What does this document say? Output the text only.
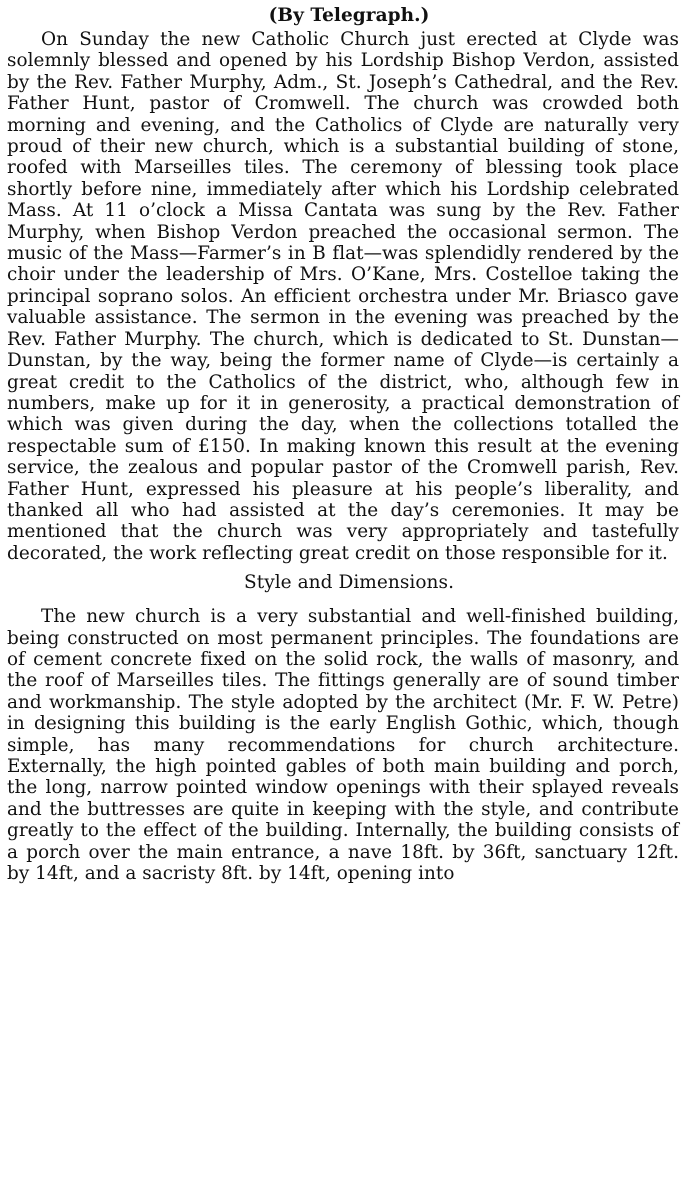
(By Telegraph.)

On Sunday the new Catholic Church just erected at Clyde was solemnly blessed and opened by his Lordship Bishop Verdon, assisted by the Rev. Father Murphy, Adm., St. Joseph’s Cathedral, and the Rev. Father Hunt, pastor of Cromwell. The church was crowded both morning and evening, and the Catholics of Clyde are naturally very proud of their new church, which is a substantial building of stone, roofed with Marseilles tiles. The ceremony of blessing took place shortly before nine, immediately after which his Lordship celebrated Mass. At 11 o’clock a Missa Cantata was sung by the Rev. Father Murphy, when Bishop Verdon preached the occasional sermon. The music of the Mass—Farmer’s in B flat—was splendidly rendered by the choir under the leadership of Mrs. O’Kane, Mrs. Costelloe taking the principal soprano solos. An efficient orchestra under Mr. Briasco gave valuable assistance. The sermon in the evening was preached by the Rev. Father Murphy. The church, which is dedicated to St. Dunstan—Dunstan, by the way, being the former name of Clyde—is certainly a great credit to the Catholics of the district, who, although few in numbers, make up for it in generosity, a practical demonstration of which was given during the day, when the collections totalled the respectable sum of £150. In making known this result at the evening service, the zealous and popular pastor of the Cromwell parish, Rev. Father Hunt, expressed his pleasure at his people’s liberality, and thanked all who had assisted at the day’s ceremonies. It may be mentioned that the church was very appropriately and tastefully decorated, the work reflecting great credit on those responsible for it.

Style and Dimensions.

The new church is a very substantial and well-finished building, being constructed on most permanent principles. The foundations are of cement concrete fixed on the solid rock, the walls of masonry, and the roof of Marseilles tiles. The fittings generally are of sound timber and workmanship. The style adopted by the architect (Mr. F. W. Petre) in designing this building is the early English Gothic, which, though simple, has many recommendations for church architecture. Externally, the high pointed gables of both main building and porch, the long, narrow pointed window openings with their splayed reveals and the buttresses are quite in keeping with the style, and contribute greatly to the effect of the building. Internally, the building consists of a porch over the main entrance, a nave 18ft. by 36ft, sanctuary 12ft. by 14ft, and a sacristy 8ft. by 14ft, opening into
